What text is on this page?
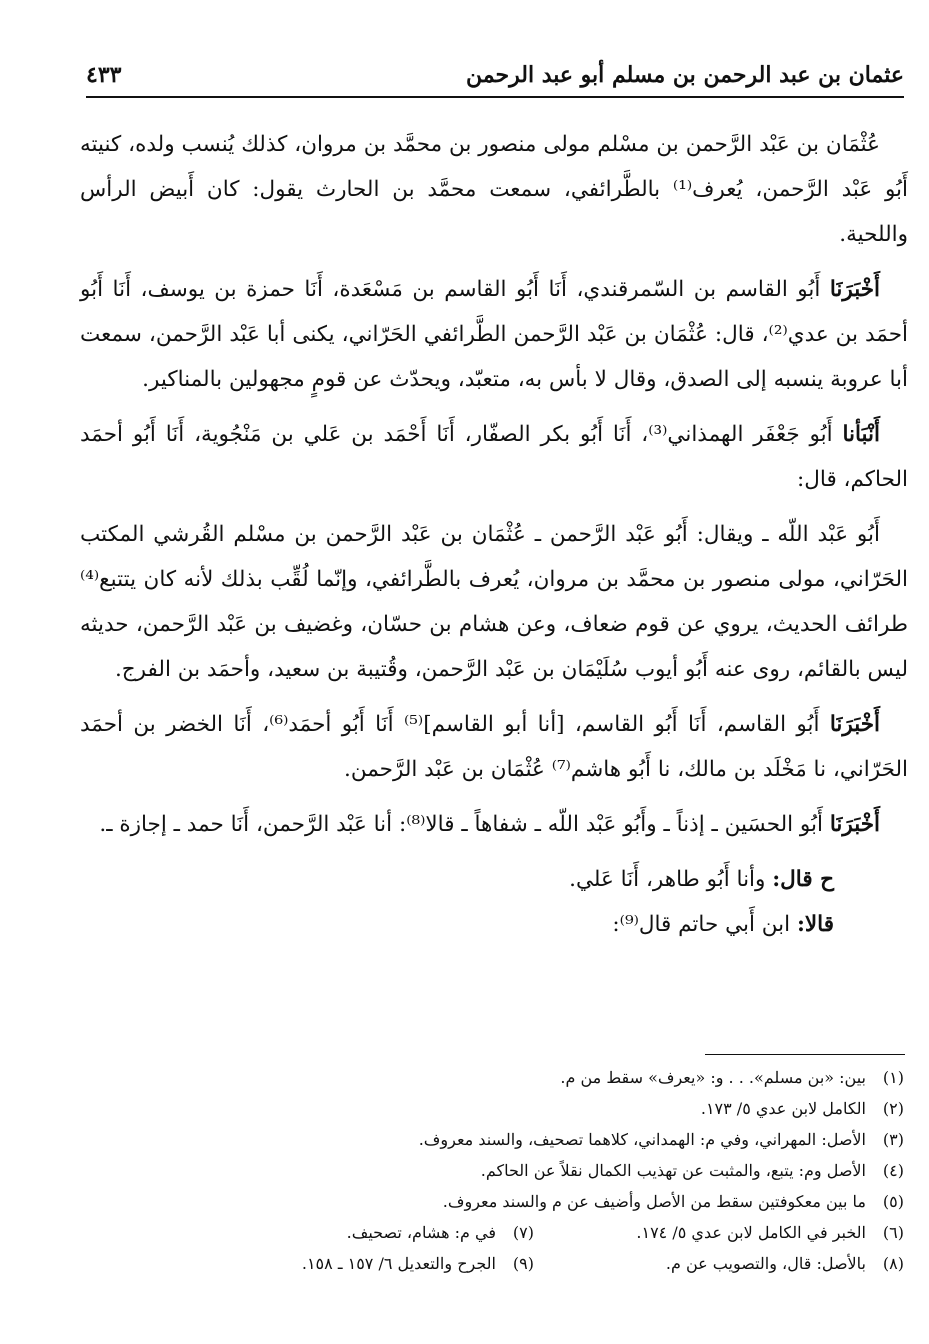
عثمان بن عبد الرحمن بن مسلم أبو عبد الرحمن
٤٣٣

عُثْمَان بن عَبْد الرَّحمن بن مسْلم مولى منصور بن محمَّد بن مروان، كذلك يُنسب ولده، كنيته أَبُو عَبْد الرَّحمن، يُعرف⁽¹⁾ بالطَّرائفي، سمعت محمَّد بن الحارث يقول: كان أَبيض الرأس واللحية.

أَخْبَرَنَا أَبُو القاسم بن السّمرقندي، أَنَا أَبُو القاسم بن مَسْعَدة، أَنَا حمزة بن يوسف، أَنَا أَبُو أحمَد بن عدي⁽²⁾، قال: عُثْمَان بن عَبْد الرَّحمن الطَّرائفي الحَرّاني، يكنى أبا عَبْد الرَّحمن، سمعت أبا عروبة ينسبه إلى الصدق، وقال لا بأس به، متعبّد، ويحدّث عن قومٍ مجهولين بالمناكير.

أَنْبَأنا أَبُو جَعْفَر الهمذاني⁽³⁾، أَنَا أَبُو بكر الصفّار، أَنَا أَحْمَد بن عَلي بن مَنْجُوية، أَنَا أَبُو أحمَد الحاكم، قال:

أَبُو عَبْد اللّه ـ ويقال: أَبُو عَبْد الرَّحمن ـ عُثْمَان بن عَبْد الرَّحمن بن مسْلم القُرشي المكتب الحَرّاني، مولى منصور بن محمَّد بن مروان، يُعرف بالطَّرائفي، وإنّما لُقِّب بذلك لأنه كان يتتبع⁽⁴⁾ طرائف الحديث، يروي عن قوم ضعاف، وعن هشام بن حسّان، وغضيف بن عَبْد الرَّحمن، حديثه ليس بالقائم، روى عنه أَبُو أيوب سُلَيْمَان بن عَبْد الرَّحمن، وقُتيبة بن سعيد، وأحمَد بن الفرج.

أَخْبَرَنَا أَبُو القاسم، أَنَا أَبُو القاسم، [أنا أبو القاسم]⁽⁵⁾ أَنَا أَبُو أحمَد⁽⁶⁾، أَنَا الخضر بن أحمَد الحَرّاني، نا مَخْلَد بن مالك، نا أَبُو هاشم⁽⁷⁾ عُثْمَان بن عَبْد الرَّحمن.

أَخْبَرَنَا أَبُو الحسَين ـ إذناً ـ وأَبُو عَبْد اللّه ـ شفاهاً ـ قالا⁽⁸⁾: أنا عَبْد الرَّحمن، أَنَا حمد ـ إجازة ـ.

ح قال: وأنا أَبُو طاهر، أَنَا عَلي.

قالا: ابن أَبي حاتم قال⁽⁹⁾:

(١)بين: «بن مسلم». . . و: «يعرف» سقط من م.
(٢)الكامل لابن عدي ٥/ ١٧٣.
(٣)الأصل: المهراني، وفي م: الهمداني، كلاهما تصحيف، والسند معروف.
(٤)الأصل وم: يتبع، والمثبت عن تهذيب الكمال نقلاً عن الحاكم.
(٥)ما بين معكوفتين سقط من الأصل وأضيف عن م والسند معروف.
(٦)الخبر في الكامل لابن عدي ٥/ ١٧٤.
(٧)في م: هشام، تصحيف.
(٨)بالأصل: قال، والتصويب عن م.
(٩)الجرح والتعديل ٦/ ١٥٧ ـ ١٥٨.
